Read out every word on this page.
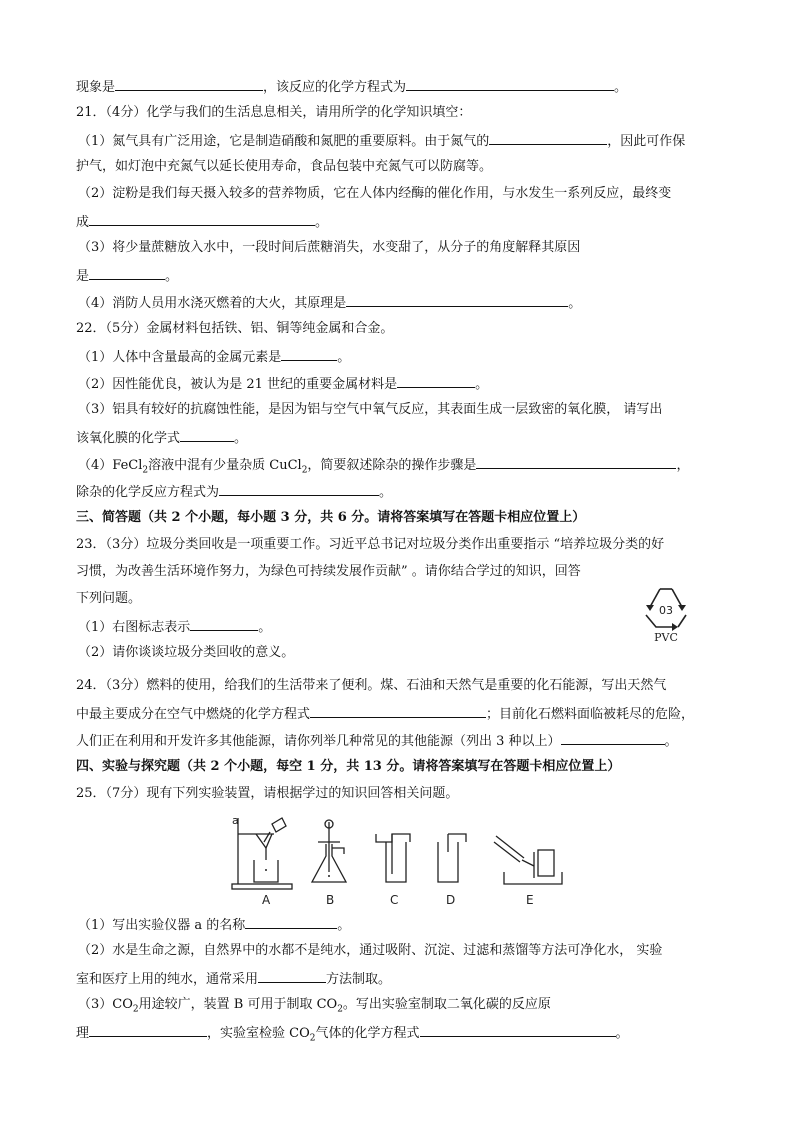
现象是	，该反应的化学方程式为	。
21．（4分）化学与我们的生活息息相关，请用所学的化学知识填空：
（1）氮气具有广泛用途，它是制造硝酸和氮肥的重要原料。由于氮气的	，因此可作保
护气，如灯泡中充氮气以延长使用寿命，食品包装中充氮气可以防腐等。
（2）淀粉是我们每天摄入较多的营养物质，它在人体内经酶的催化作用，与水发生一系列反应，最终变
成	。
（3）将少量蔗糖放入水中，一段时间后蔗糖消失，水变甜了，从分子的角度解释其原因
是	。
（4）消防人员用水浇灭燃着的大火，其原理是	。
22．（5分）金属材料包括铁、铝、铜等纯金属和合金。
（1）人体中含量最高的金属元素是	。
（2）因性能优良，被认为是 21 世纪的重要金属材料是	。
（3）铝具有较好的抗腐蚀性能，是因为铝与空气中氧气反应，其表面生成一层致密的氧化膜， 请写出
该氧化膜的化学式	。
（4）FeCl$_2$溶液中混有少量杂质 CuCl$_2$，简要叙述除杂的操作步骤是	，
除杂的化学反应方程式为	。
三、简答题（共 2 个小题，每小题 3 分，共 6 分。请将答案填写在答题卡相应位置上）
23．（3分）垃圾分类回收是一项重要工作。习近平总书记对垃圾分类作出重要指示 “培养垃圾分类的好
习惯，为改善生活环境作努力，为绿色可持续发展作贡献” 。请你结合学过的知识，回答
下列问题。
（1）右图标志表示	。
（2）请你谈谈垃圾分类回收的意义。
03
PVC
24．（3分）燃料的使用，给我们的生活带来了便利。煤、石油和天然气是重要的化石能源，写出天然气
中最主要成分在空气中燃烧的化学方程式	；目前化石燃料面临被耗尽的危险，
人们正在利用和开发许多其他能源，请你列举几种常见的其他能源（列出 3 种以上）	。
四、实验与探究题（共 2 个小题，每空 1 分，共 13 分。请将答案填写在答题卡相应位置上）
25．（7分）现有下列实验装置，请根据学过的知识回答相关问题。
a
A	B	C	D	E
（1）写出实验仪器 a 的名称	。
（2）水是生命之源，自然界中的水都不是纯水，通过吸附、沉淀、过滤和蒸馏等方法可净化水， 实验
室和医疗上用的纯水，通常采用	方法制取。
$(3)CO_2$用途较广，装置 B 可用于制取 $CO_2$。写出实验室制取二氧化碳的反应原
理	，实验室检验 $CO_2$气体的化学方程式	。
